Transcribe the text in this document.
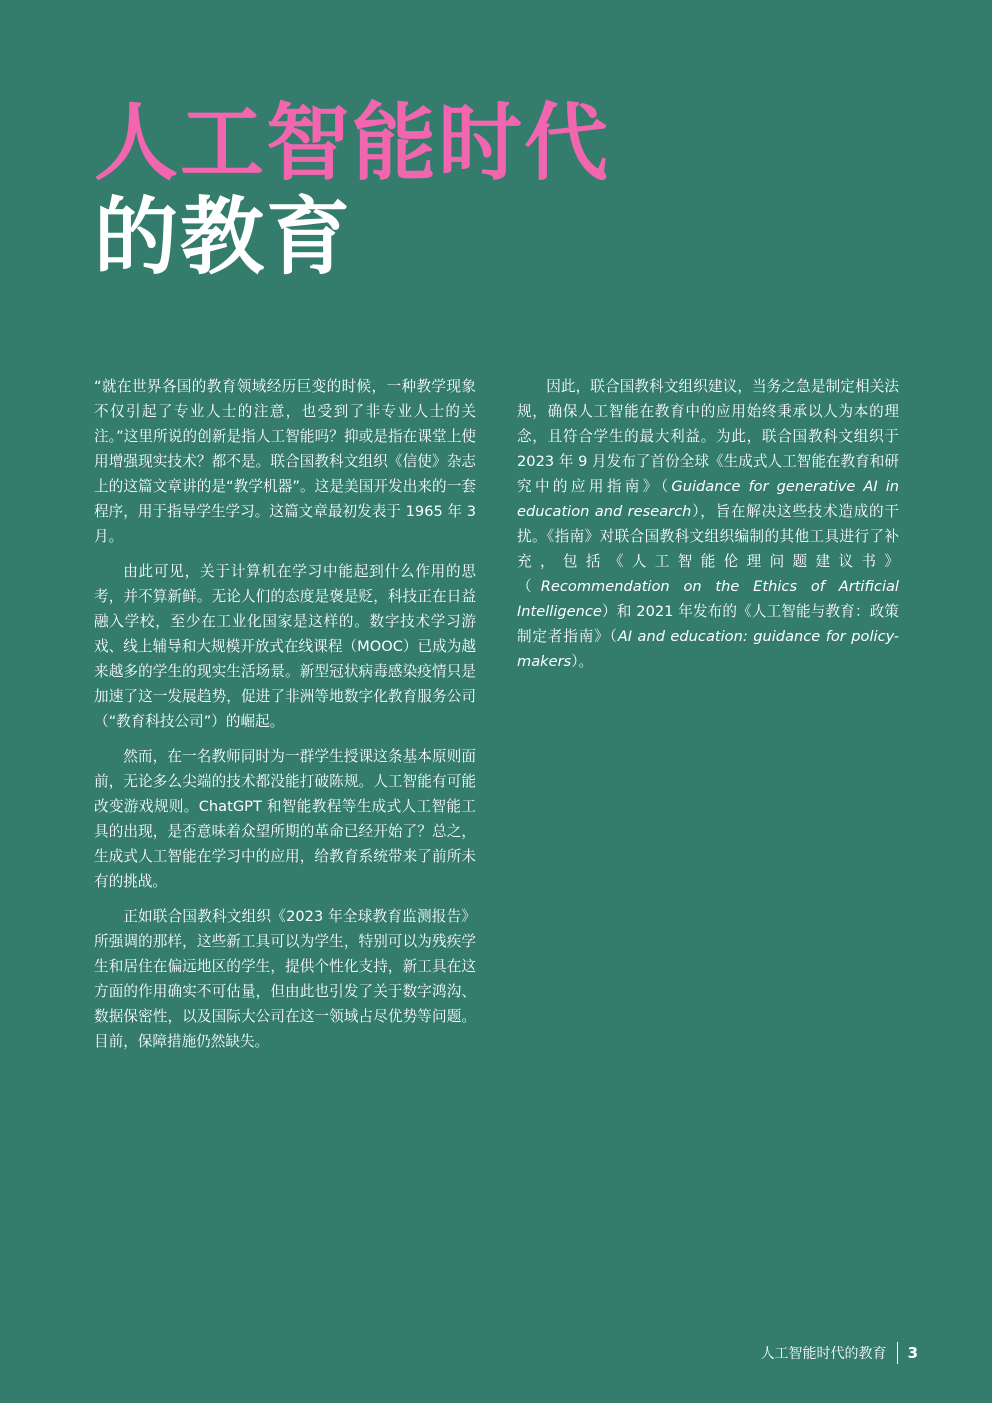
人工智能时代
的教育

“就在世界各国的教育领域经历巨变的时候，一种教学现象不仅引起了专业人士的注意，也受到了非专业人士的关注。”这里所说的创新是指人工智能吗？抑或是指在课堂上使用增强现实技术？都不是。联合国教科文组织《信使》杂志上的这篇文章讲的是“教学机器”。这是美国开发出来的一套程序，用于指导学生学习。这篇文章最初发表于 1965 年 3 月。

由此可见，关于计算机在学习中能起到什么作用的思考，并不算新鲜。无论人们的态度是褒是贬，科技正在日益融入学校，至少在工业化国家是这样的。数字技术学习游戏、线上辅导和大规模开放式在线课程（MOOC）已成为越来越多的学生的现实生活场景。新型冠状病毒感染疫情只是加速了这一发展趋势，促进了非洲等地数字化教育服务公司（“教育科技公司”）的崛起。

然而，在一名教师同时为一群学生授课这条基本原则面前，无论多么尖端的技术都没能打破陈规。人工智能有可能改变游戏规则。ChatGPT 和智能教程等生成式人工智能工具的出现，是否意味着众望所期的革命已经开始了？总之，生成式人工智能在学习中的应用，给教育系统带来了前所未有的挑战。

正如联合国教科文组织《2023 年全球教育监测报告》所强调的那样，这些新工具可以为学生，特别可以为残疾学生和居住在偏远地区的学生，提供个性化支持，新工具在这方面的作用确实不可估量，但由此也引发了关于数字鸿沟、数据保密性，以及国际大公司在这一领域占尽优势等问题。目前，保障措施仍然缺失。

因此，联合国教科文组织建议，当务之急是制定相关法规，确保人工智能在教育中的应用始终秉承以人为本的理念，且符合学生的最大利益。为此，联合国教科文组织于 2023 年 9 月发布了首份全球《生成式人工智能在教育和研究中的应用指南》（Guidance for generative AI in education and research），旨在解决这些技术造成的干扰。《指南》对联合国教科文组织编制的其他工具进行了补充，包括《人工智能伦理问题建议书》（Recommendation on the Ethics of Artificial Intelligence）和 2021 年发布的《人工智能与教育：政策制定者指南》（AI and education: guidance for policy-makers）。

人工智能时代的教育 3
